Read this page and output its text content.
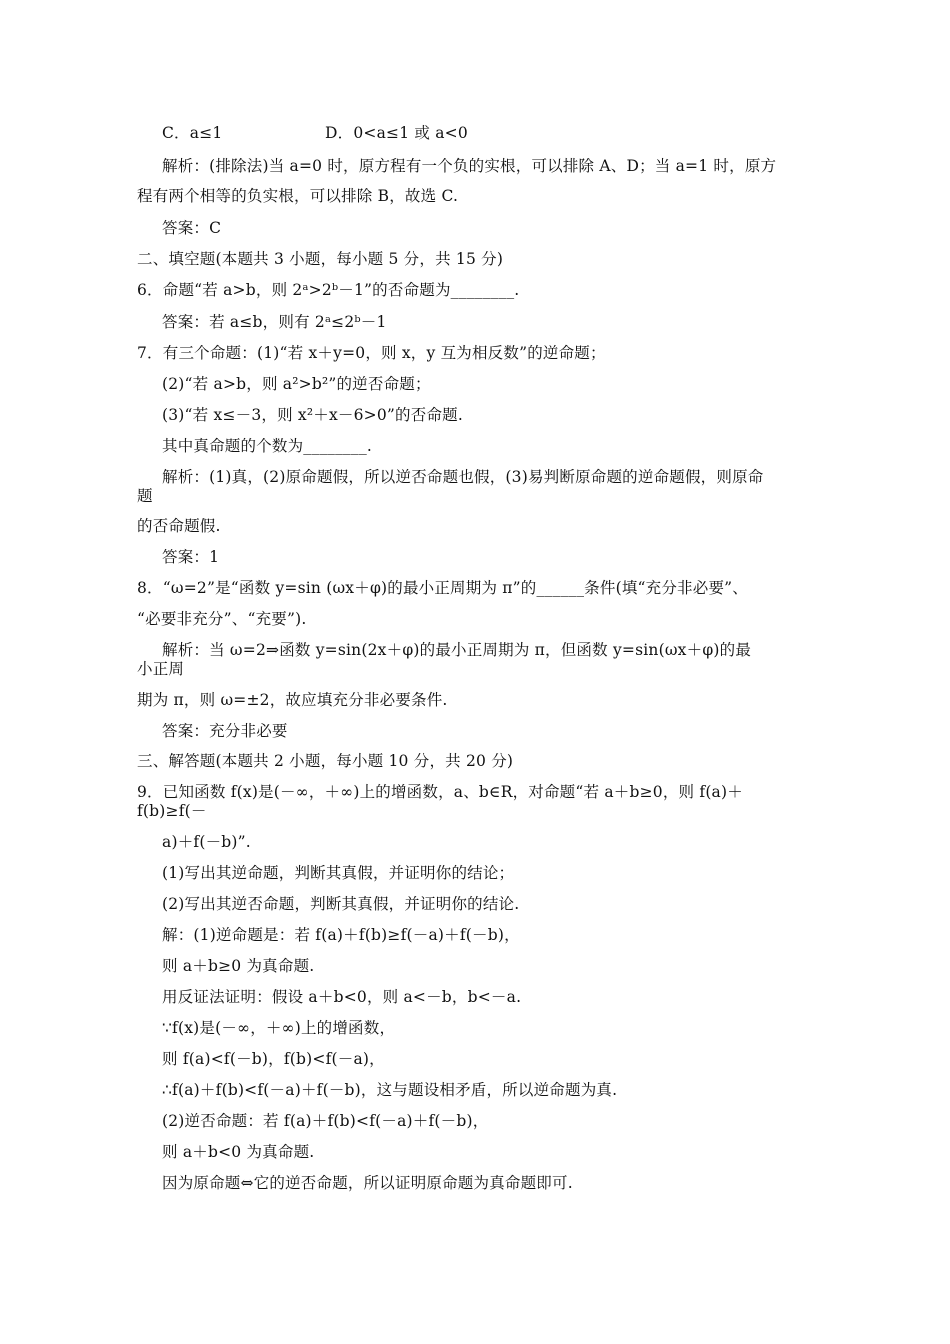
C．a≤1                    D．0<a≤1 或 a<0
解析：(排除法)当 a=0 时，原方程有一个负的实根，可以排除 A、D；当 a=1 时，原方
程有两个相等的负实根，可以排除 B，故选 C.
答案：C
二、填空题(本题共 3 小题，每小题 5 分，共 15 分)
6．命题“若 a>b，则 2ᵃ>2ᵇ－1”的否命题为________.
答案：若 a≤b，则有 2ᵃ≤2ᵇ－1
7．有三个命题：(1)“若 x＋y=0，则 x，y 互为相反数”的逆命题；
(2)“若 a>b，则 a²>b²”的逆否命题；
(3)“若 x≤－3，则 x²＋x－6>0”的否命题.
其中真命题的个数为________.
解析：(1)真，(2)原命题假，所以逆否命题也假，(3)易判断原命题的逆命题假，则原命
题
的否命题假.
答案：1
8．“ω=2”是“函数 y=sin (ωx＋φ)的最小正周期为 π”的______条件(填“充分非必要”、
“必要非充分”、“充要”).
解析：当 ω=2⇒函数 y=sin(2x＋φ)的最小正周期为 π，但函数 y=sin(ωx＋φ)的最
小正周
期为 π，则 ω=±2，故应填充分非必要条件.
答案：充分非必要
三、解答题(本题共 2 小题，每小题 10 分，共 20 分)
9．已知函数 f(x)是(－∞，＋∞)上的增函数，a、b∈R，对命题“若 a＋b≥0，则 f(a)＋
f(b)≥f(－
a)＋f(－b)”.
(1)写出其逆命题，判断其真假，并证明你的结论；
(2)写出其逆否命题，判断其真假，并证明你的结论.
解：(1)逆命题是：若 f(a)＋f(b)≥f(－a)＋f(－b)，
则 a＋b≥0 为真命题.
用反证法证明：假设 a＋b<0，则 a<－b，b<－a.
∵f(x)是(－∞，＋∞)上的增函数，
则 f(a)<f(－b)，f(b)<f(－a)，
∴f(a)＋f(b)<f(－a)＋f(－b)，这与题设相矛盾，所以逆命题为真.
(2)逆否命题：若 f(a)＋f(b)<f(－a)＋f(－b)，
则 a＋b<0 为真命题.
因为原命题⇔它的逆否命题，所以证明原命题为真命题即可.
